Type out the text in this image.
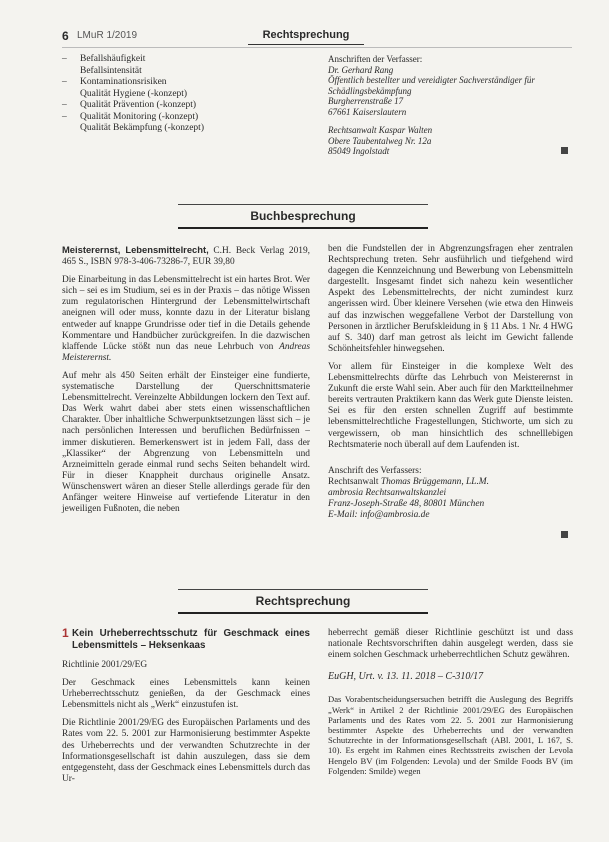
6 LMuR 1/2019	Rechtsprechung
–	Befallshäufigkeit
Befallsintensität
–	Kontaminationsrisiken
Qualität Hygiene (-konzept)
–	Qualität Prävention (-konzept)
–	Qualität Monitoring (-konzept)
Qualität Bekämpfung (-konzept)
Anschriften der Verfasser:
Dr. Gerhard Rang
Öffentlich bestellter und vereidigter Sachverständiger für
Schädlingsbekämpfung
Burgherrenstraße 17
67661 Kaiserslautern
Rechtsanwalt Kaspar Walten
Obere Taubentalweg Nr. 12a
85049 Ingolstadt
Buchbesprechung

Meisterernst, Lebensmittelrecht, C.H. Beck Verlag 2019, 465 S., ISBN 978-3-406-73286-7, EUR 39,80

Die Einarbeitung in das Lebensmittelrecht ist ein hartes Brot. Wer sich – sei es im Studium, sei es in der Praxis – das nötige Wissen zum regulatorischen Hintergrund der Lebensmittelwirtschaft aneignen will oder muss, konnte dazu in der Literatur bislang entweder auf knappe Grundrisse oder tief in die Details gehende Kommentare und Handbücher zurückgreifen. In die dazwischen klaffende Lücke stößt nun das neue Lehrbuch von Andreas Meisterernst.

Auf mehr als 450 Seiten erhält der Einsteiger eine fundierte, systematische Darstellung der Querschnittsmaterie Lebensmittelrecht. Vereinzelte Abbildungen lockern den Text auf. Das Werk wahrt dabei aber stets einen wissenschaftlichen Charakter. Über inhaltliche Schwerpunktsetzungen lässt sich – je nach persönlichen Interessen und beruflichen Bedürfnissen – immer diskutieren. Bemerkenswert ist in jedem Fall, dass der „Klassiker“ der Abgrenzung von Lebensmitteln und Arzneimitteln gerade einmal rund sechs Seiten behandelt wird. Für in dieser Knappheit durchaus originelle Ansatz. Wünschenswert wären an dieser Stelle allerdings gerade für den Anfänger weitere Hinweise auf vertiefende Literatur in den jeweiligen Fußnoten, die neben

ben die Fundstellen der in Abgrenzungsfragen eher zentralen Rechtsprechung treten. Sehr ausführlich und tiefgehend wird dagegen die Kennzeichnung und Bewerbung von Lebensmitteln dargestellt. Insgesamt findet sich nahezu kein wesentlicher Aspekt des Lebensmittelrechts, der nicht zumindest kurz angerissen wird. Über kleinere Versehen (wie etwa den Hinweis auf das inzwischen weggefallene Verbot der Darstellung von Personen in ärztlicher Berufskleidung in § 11 Abs. 1 Nr. 4 HWG auf S. 340) darf man getrost als leicht im Gewicht fallende Schönheitsfehler hinwegsehen.

Vor allem für Einsteiger in die komplexe Welt des Lebensmittelrechts dürfte das Lehrbuch von Meisterernst in Zukunft die erste Wahl sein. Aber auch für den Marktteilnehmer bereits vertrauten Praktikern kann das Werk gute Dienste leisten. Sei es für den ersten schnellen Zugriff auf bestimmte lebensmittelrechtliche Fragestellungen, Stichworte, um sich zu vergewissern, ob man hinsichtlich des schnelllebigen Rechtsmaterie noch überall auf dem Laufenden ist.

Anschrift des Verfassers:
Rechtsanwalt Thomas Brüggemann, LL.M.
ambrosia Rechtsanwaltskanzlei
Franz-Joseph-Straße 48, 80801 München
E-Mail: info@ambrosia.de
Rechtsprechung
1 Kein Urheberrechtsschutz für Geschmack eines Lebensmittels – Heksenkaas

Richtlinie 2001/29/EG

Der Geschmack eines Lebensmittels kann keinen Urheberrechtsschutz genießen, da der Geschmack eines Lebensmittels nicht als „Werk“ einzustufen ist.

Die Richtlinie 2001/29/EG des Europäischen Parlaments und des Rates vom 22. 5. 2001 zur Harmonisierung bestimmter Aspekte des Urheberrechts und der verwandten Schutzrechte in der Informationsgesellschaft ist dahin auszulegen, dass sie dem entgegensteht, dass der Geschmack eines Lebensmittels durch das Ur-

heberrecht gemäß dieser Richtlinie geschützt ist und dass nationale Rechtsvorschriften dahin ausgelegt werden, dass sie einem solchen Geschmack urheberrechtlichen Schutz gewähren.

EuGH, Urt. v. 13. 11. 2018 – C-310/17

Das Vorabentscheidungsersuchen betrifft die Auslegung des Begriffs „Werk“ in Artikel 2 der Richtlinie 2001/29/EG des Europäischen Parlaments und des Rates vom 22. 5. 2001 zur Harmonisierung bestimmter Aspekte des Urheberrechts und der verwandten Schutzrechte in der Informationsgesellschaft (ABl. 2001, L 167, S. 10). Es ergeht im Rahmen eines Rechtsstreits zwischen der Levola Hengelo BV (im Folgenden: Levola) und der Smilde Foods BV (im Folgenden: Smilde) wegen
